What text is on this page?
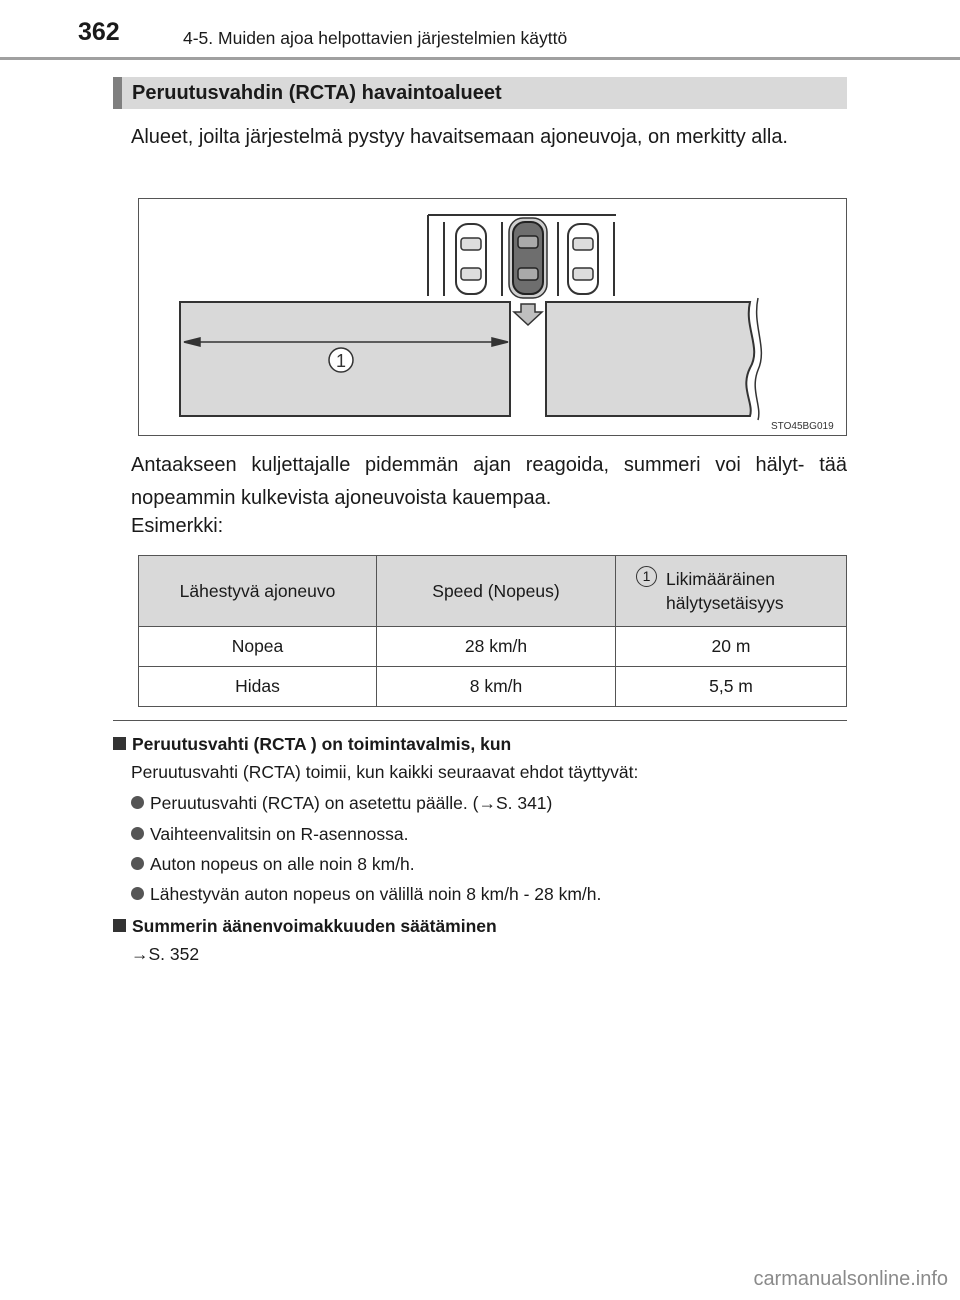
362	4-5. Muiden ajoa helpottavien järjestelmien käyttö
Peruutusvahdin (RCTA) havaintoalueet
Alueet, joilta järjestelmä pystyy havaitsemaan ajoneuvoja, on merkitty alla.
1
STO45BG019
Antaakseen kuljettajalle pidemmän ajan reagoida, summeri voi hälyt- tää nopeammin kulkevista ajoneuvoista kauempaa.
Esimerkki:
Lähestyvä ajoneuvo	Speed (Nopeus)	1 Likimääräinen hälytysetäisyys
Nopea	28 km/h	20 m
Hidas	8 km/h	5,5 m
Peruutusvahti (RCTA ) on toimintavalmis, kun
Peruutusvahti (RCTA) toimii, kun kaikki seuraavat ehdot täyttyvät:
Peruutusvahti (RCTA) on asetettu päälle. (→S. 341)
Vaihteenvalitsin on R-asennossa.
Auton nopeus on alle noin 8 km/h.
Lähestyvän auton nopeus on välillä noin 8 km/h - 28 km/h.
Summerin äänenvoimakkuuden säätäminen
→S. 352
carmanualsonline.info
